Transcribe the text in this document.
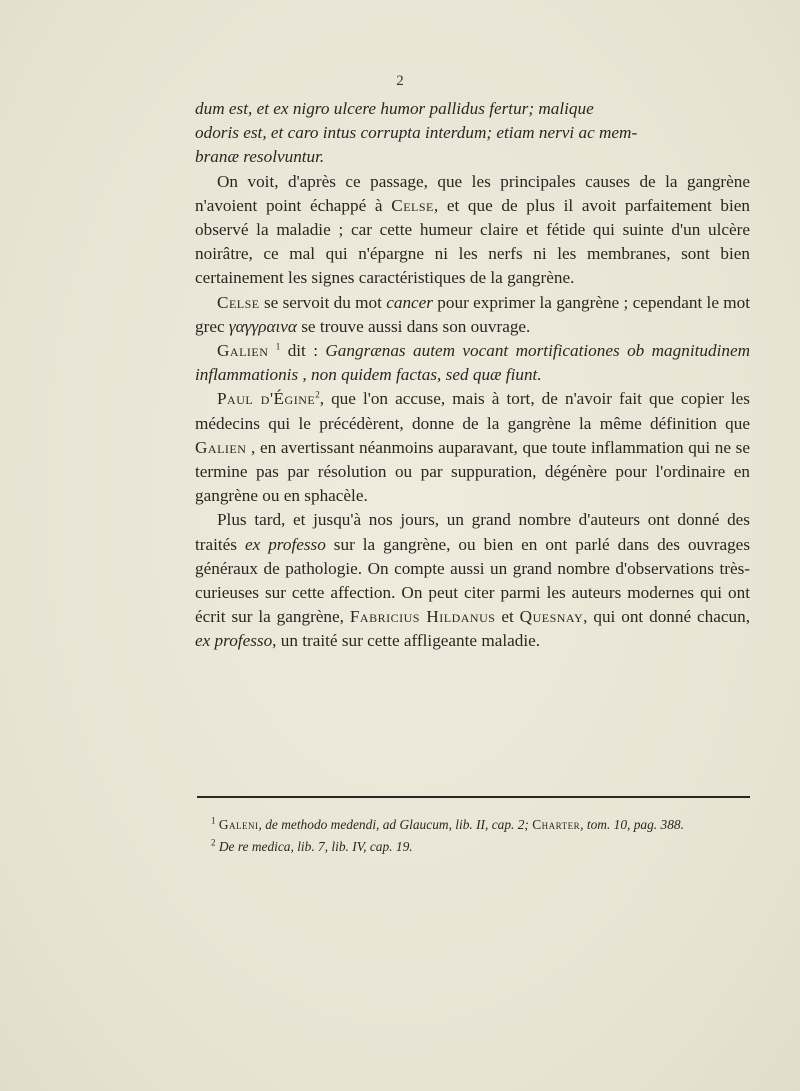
2

dum est, et ex nigro ulcere humor pallidus fertur; malique
odoris est, et caro intus corrupta interdum; etiam nervi ac mem-
branæ resolvuntur.

On voit, d'après ce passage, que les principales causes de la gangrène n'avoient point échappé à Celse, et que de plus il avoit parfaitement bien observé la maladie ; car cette humeur claire et fétide qui suinte d'un ulcère noirâtre, ce mal qui n'épargne ni les nerfs ni les membranes, sont bien certainement les signes caractéristiques de la gangrène.

Celse se servoit du mot cancer pour exprimer la gangrène ; cependant le mot grec γαγγραινα se trouve aussi dans son ouvrage.

Galien $^1$ dit : Gangrænas autem vocant mortificationes ob magnitudinem inflammationis , non quidem factas, sed quæ fiunt.

Paul d'Égine$^2$, que l'on accuse, mais à tort, de n'avoir fait que copier les médecins qui le précédèrent, donne de la gangrène la même définition que Galien , en avertissant néanmoins auparavant, que toute inflammation qui ne se termine pas par résolution ou par suppuration, dégénère pour l'ordinaire en gangrène ou en sphacèle.

Plus tard, et jusqu'à nos jours, un grand nombre d'auteurs ont donné des traités ex professo sur la gangrène, ou bien en ont parlé dans des ouvrages généraux de pathologie. On compte aussi un grand nombre d'observations très-curieuses sur cette affection. On peut citer parmi les auteurs modernes qui ont écrit sur la gangrène, Fabricius Hildanus et Quesnay, qui ont donné chacun, ex professo, un traité sur cette affligeante maladie.

$^1$ Galeni, de methodo medendi, ad Glaucum, lib. II, cap. 2; Charter, tom. 10, pag. 388.

$^2$ De re medica, lib. 7, lib. IV, cap. 19.
